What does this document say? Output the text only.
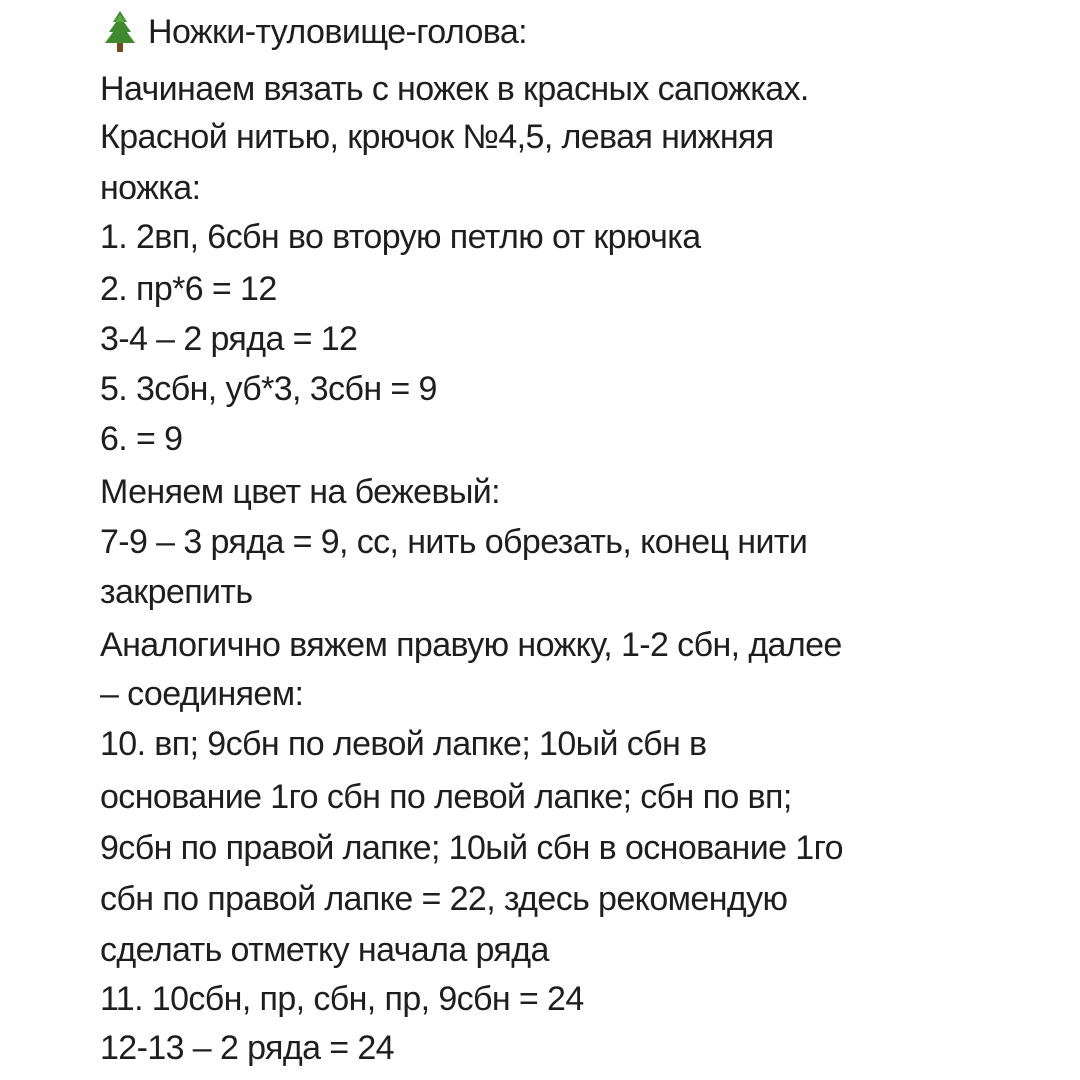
Ножки-туловище-голова:
Начинаем вязать с ножек в красных сапожках.
Красной нитью, крючок №4,5, левая нижняя
ножка:
1. 2вп, 6сбн во вторую петлю от крючка
2. пр*6 = 12
3-4 – 2 ряда = 12
5. 3сбн, уб*3, 3сбн = 9
6. = 9
Меняем цвет на бежевый:
7-9 – 3 ряда = 9, сс, нить обрезать, конец нити
закрепить
Аналогично вяжем правую ножку, 1-2 сбн, далее
– соединяем:
10. вп; 9сбн по левой лапке; 10ый сбн в
основание 1го сбн по левой лапке; сбн по вп;
9сбн по правой лапке; 10ый сбн в основание 1го
сбн по правой лапке = 22, здесь рекомендую
сделать отметку начала ряда
11. 10сбн, пр, сбн, пр, 9сбн = 24
12-13 – 2 ряда = 24
